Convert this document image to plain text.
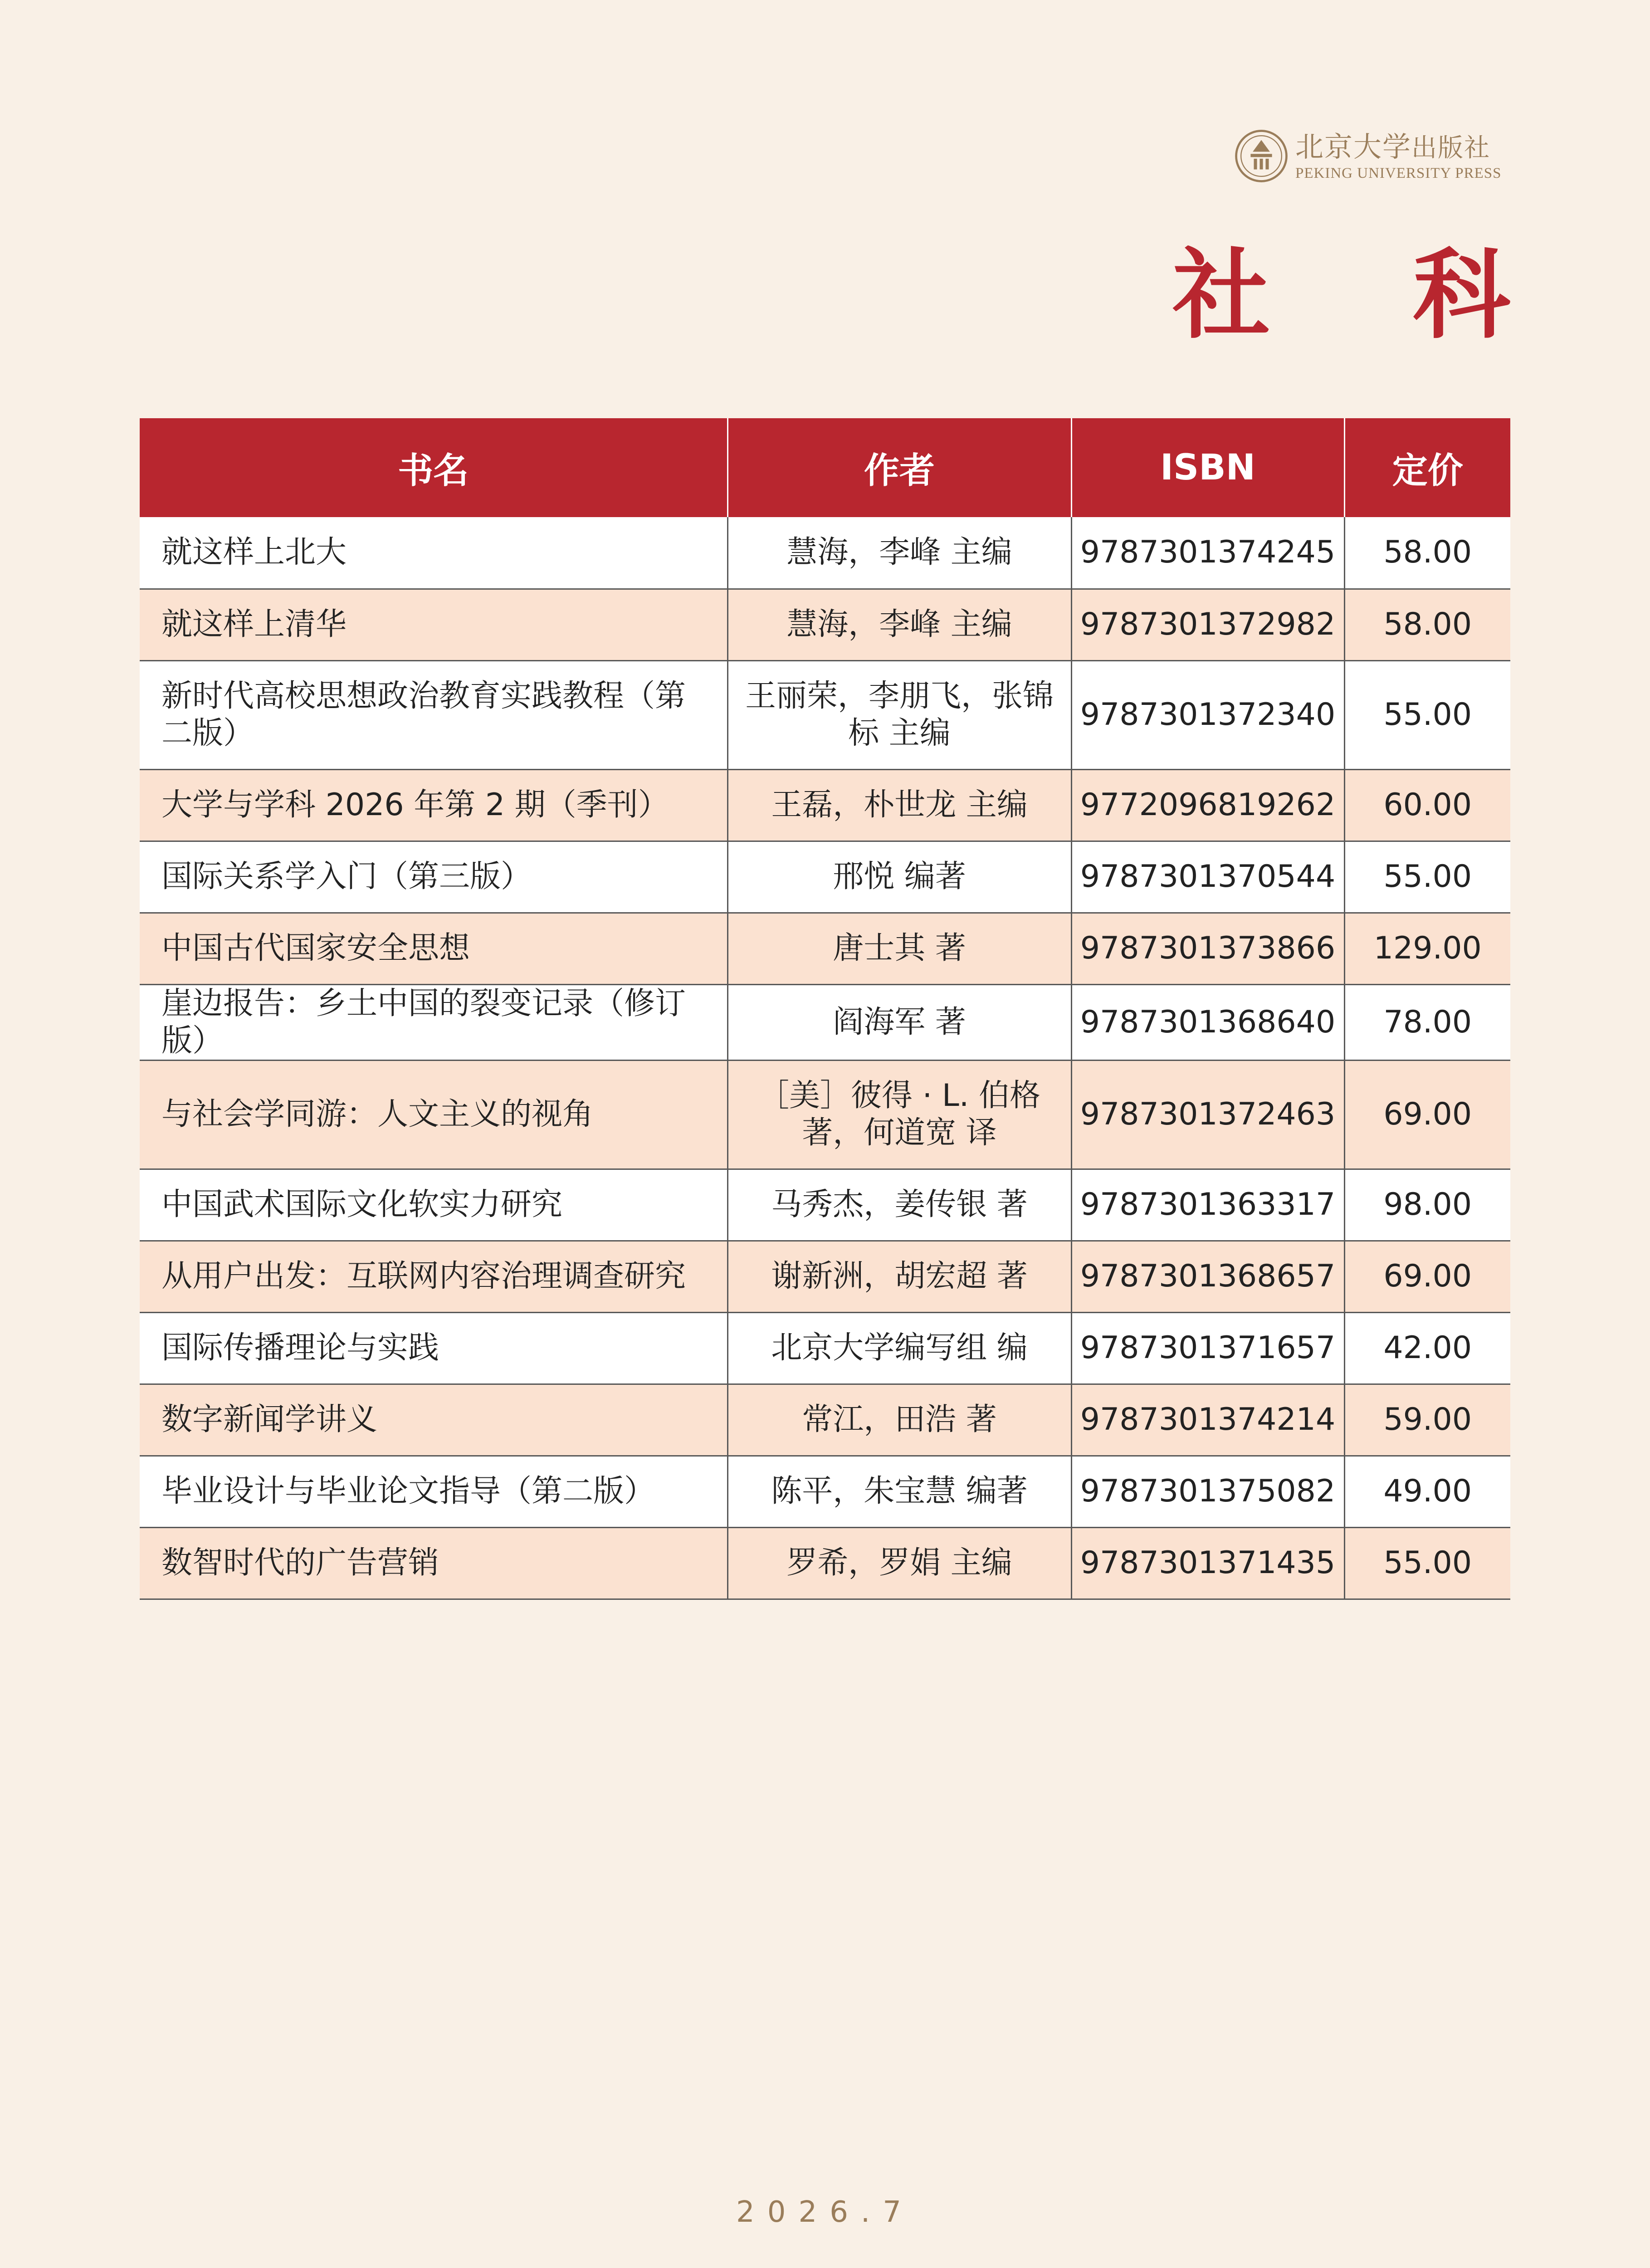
北京大学出版社
PEKING UNIVERSITY PRESS
社 科
书名	作者	ISBN	定价
就这样上北大	慧海，李峰 主编	9787301374245	58.00
就这样上清华	慧海，李峰 主编	9787301372982	58.00
新时代高校思想政治教育实践教程（第二版）	王丽荣，李朋飞，张锦标 主编	9787301372340	55.00
大学与学科 2026 年第 2 期（季刊）	王磊，朴世龙 主编	9772096819262	60.00
国际关系学入门（第三版）	邢悦 编著	9787301370544	55.00
中国古代国家安全思想	唐士其 著	9787301373866	129.00
崖边报告：乡土中国的裂变记录（修订版）	阎海军 著	9787301368640	78.00
与社会学同游：人文主义的视角	［美］彼得 · L. 伯格 著，何道宽 译	9787301372463	69.00
中国武术国际文化软实力研究	马秀杰，姜传银 著	9787301363317	98.00
从用户出发：互联网内容治理调查研究	谢新洲，胡宏超 著	9787301368657	69.00
国际传播理论与实践	北京大学编写组 编	9787301371657	42.00
数字新闻学讲义	常江，田浩 著	9787301374214	59.00
毕业设计与毕业论文指导（第二版）	陈平，朱宝慧 编著	9787301375082	49.00
数智时代的广告营销	罗希，罗娟 主编	9787301371435	55.00
2026.7
